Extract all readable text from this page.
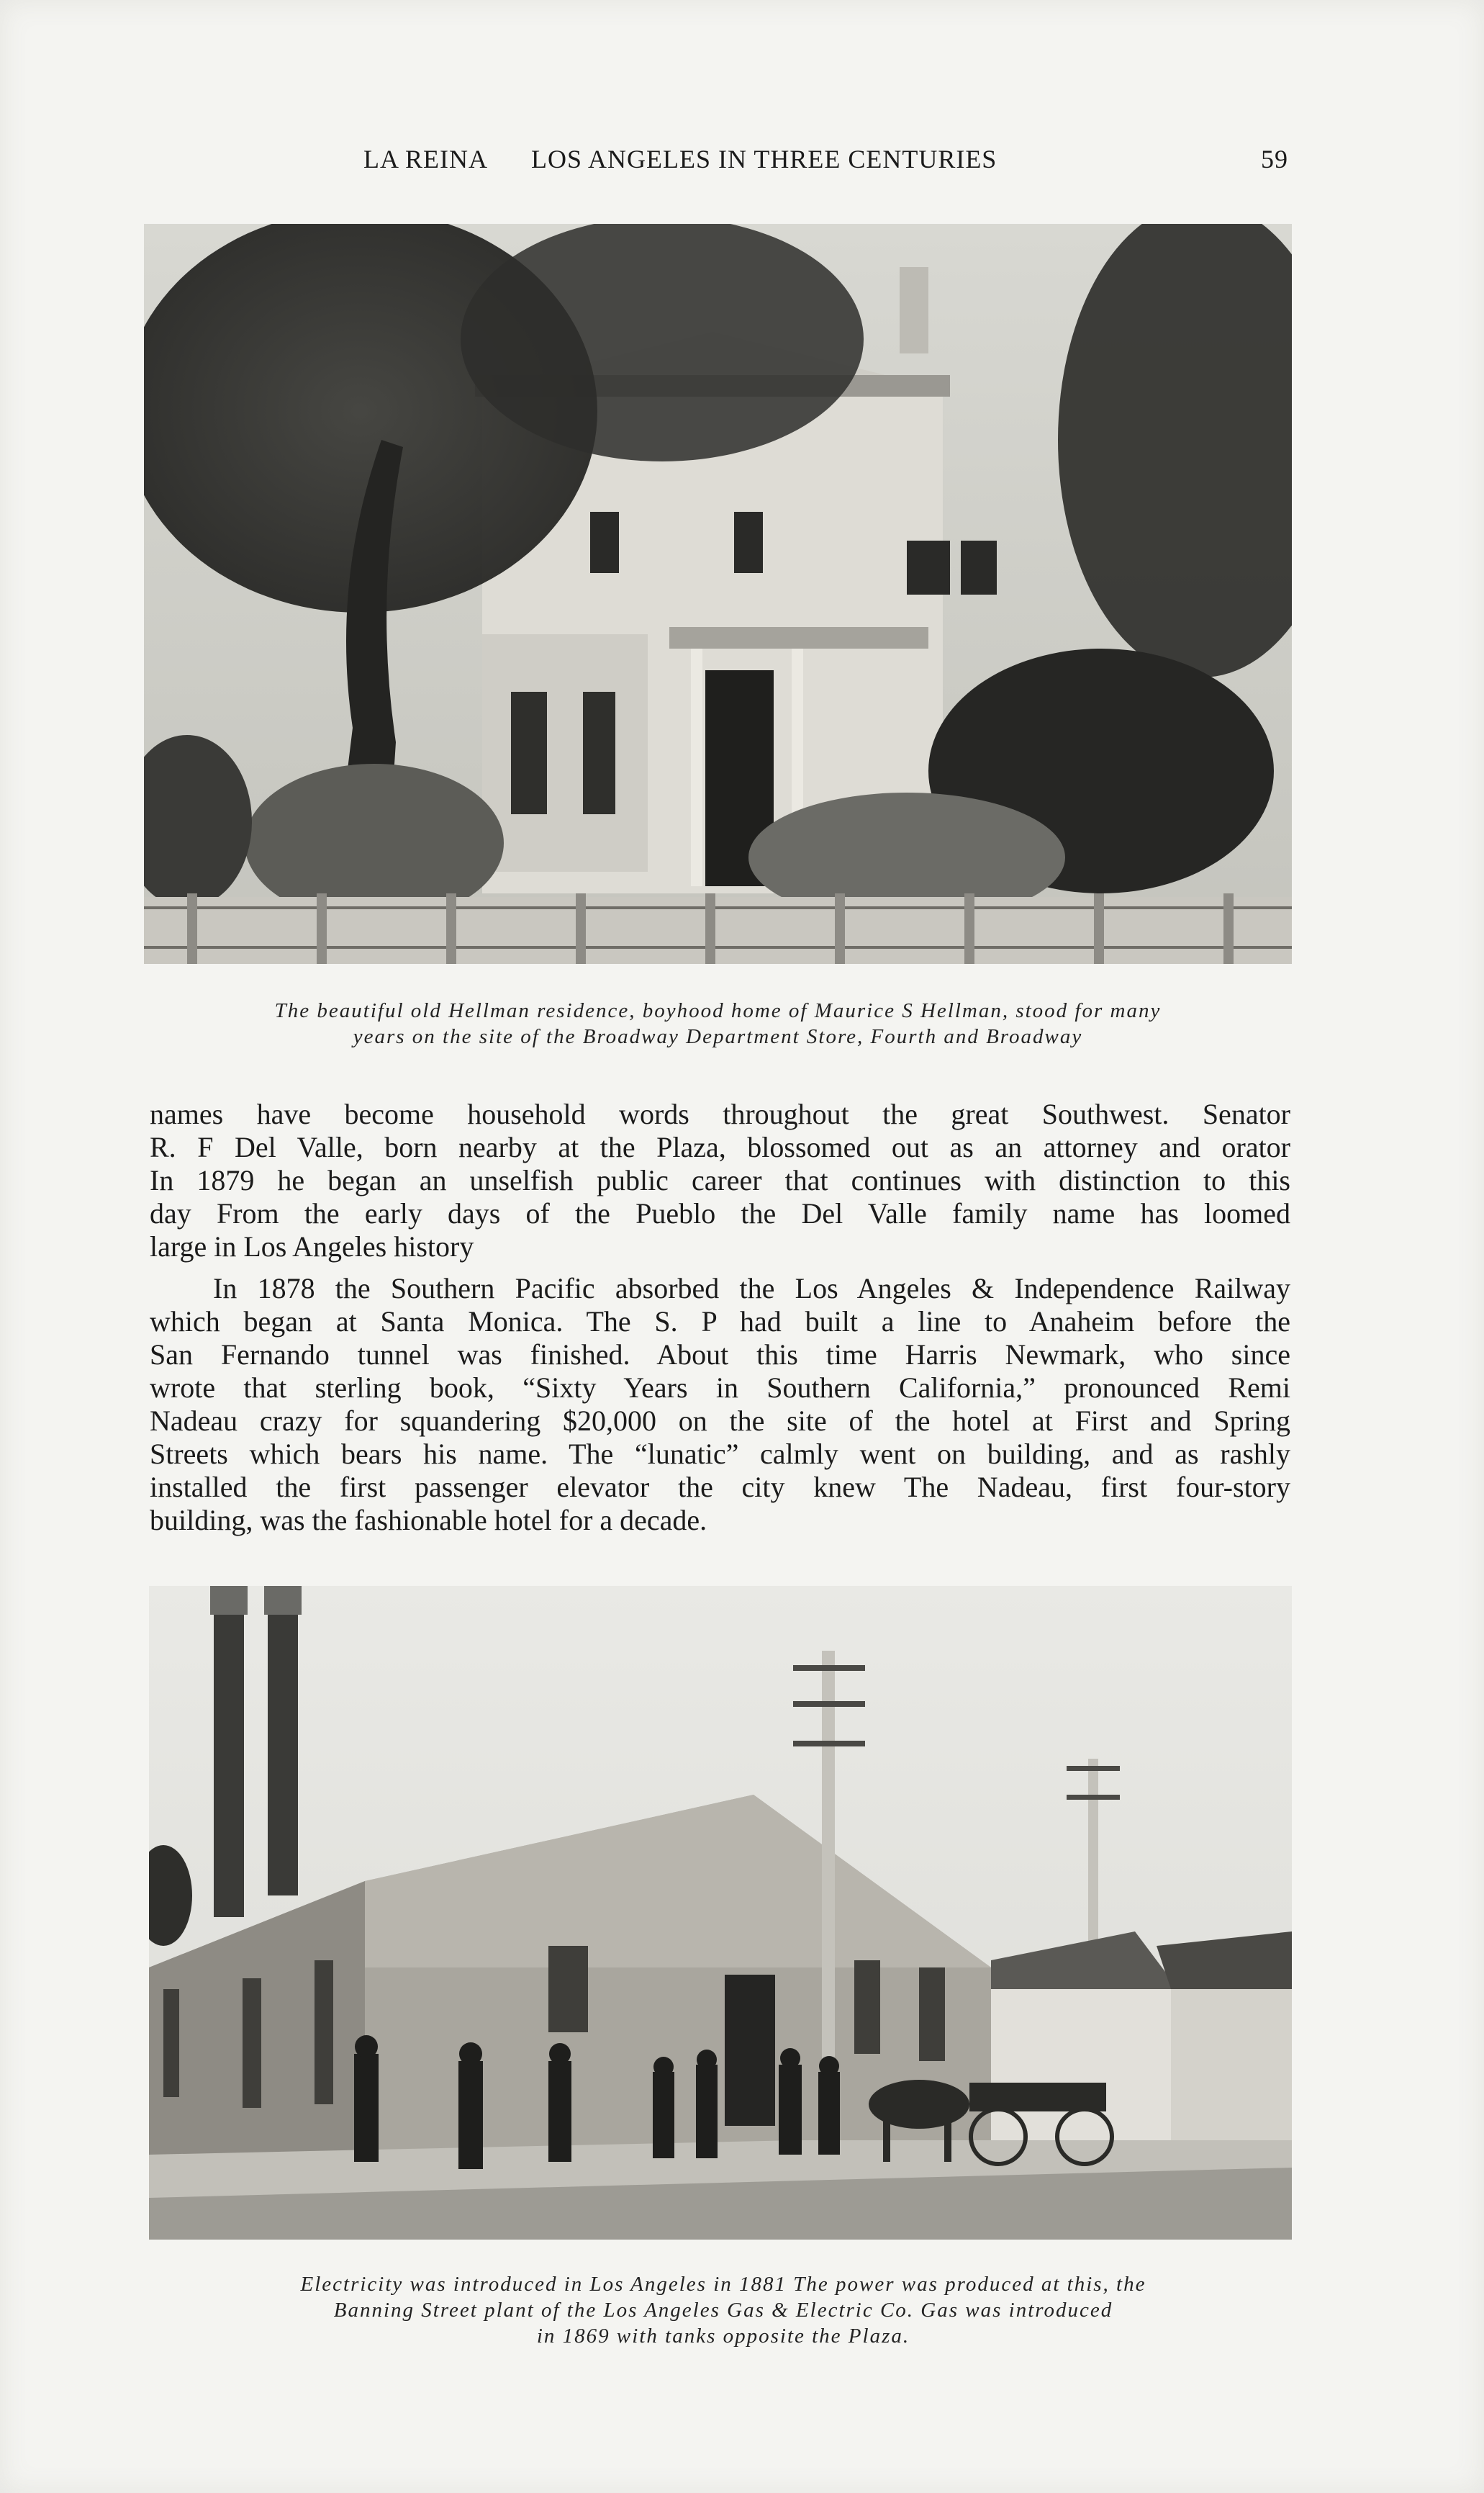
LA REINA LOS ANGELES IN THREE CENTURIES	59
The beautiful old Hellman residence, boyhood home of Maurice S Hellman, stood for many
years on the site of the Broadway Department Store, Fourth and Broadway
names have become household words throughout the great Southwest. Senator
R. F Del Valle, born nearby at the Plaza, blossomed out as an attorney and orator
In 1879 he began an unselfish public career that continues with distinction to this
day From the early days of the Pueblo the Del Valle family name has loomed
large in Los Angeles history
In 1878 the Southern Pacific absorbed the Los Angeles & Independence Railway
which began at Santa Monica. The S. P had built a line to Anaheim before the
San Fernando tunnel was finished. About this time Harris Newmark, who since
wrote that sterling book, “Sixty Years in Southern California,” pronounced Remi
Nadeau crazy for squandering $20,000 on the site of the hotel at First and Spring
Streets which bears his name. The “lunatic” calmly went on building, and as rashly
installed the first passenger elevator the city knew The Nadeau, first four-story
building, was the fashionable hotel for a decade.
Electricity was introduced in Los Angeles in 1881 The power was produced at this, the
Banning Street plant of the Los Angeles Gas & Electric Co. Gas was introduced
in 1869 with tanks opposite the Plaza.
